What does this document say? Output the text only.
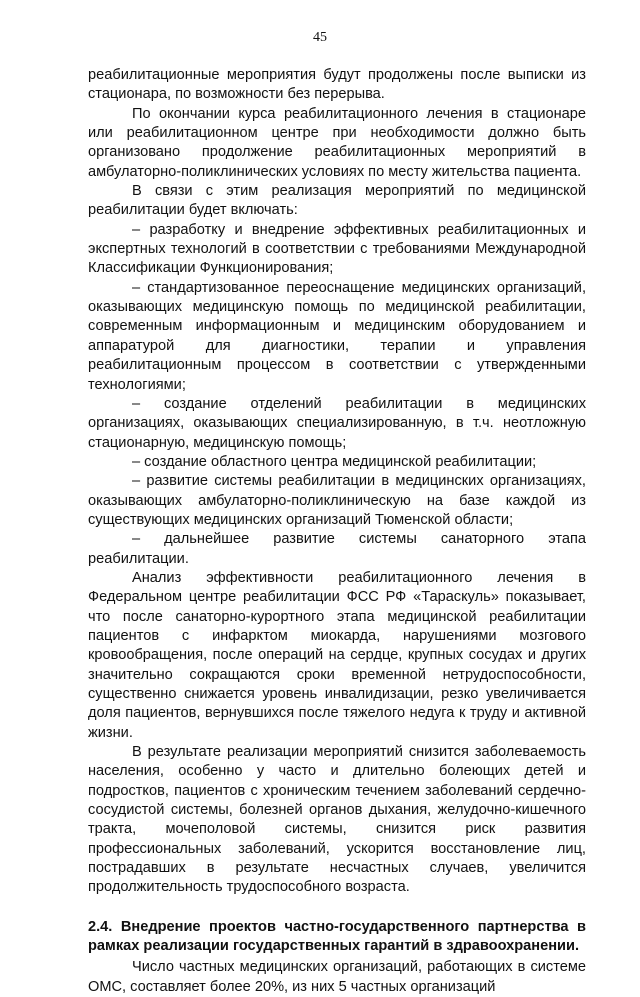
45

реабилитационные мероприятия будут продолжены после выписки из стационара, по возможности без перерыва.

По окончании курса реабилитационного лечения в стационаре или реабилитационном центре при необходимости должно быть организовано продолжение реабилитационных мероприятий в амбулаторно-поликлинических условиях по месту жительства пациента.

В связи с этим реализация мероприятий по медицинской реабилитации будет включать:

– разработку и внедрение эффективных реабилитационных и экспертных технологий в соответствии с требованиями Международной Классификации Функционирования;

– стандартизованное переоснащение медицинских организаций, оказывающих медицинскую помощь по медицинской реабилитации, современным информационным и медицинским оборудованием и аппаратурой для диагностики, терапии и управления реабилитационным процессом в соответствии с утвержденными технологиями;

– создание отделений реабилитации в медицинских организациях, оказывающих специализированную, в т.ч. неотложную стационарную, медицинскую помощь;

– создание областного центра медицинской реабилитации;

– развитие системы реабилитации в медицинских организациях, оказывающих амбулаторно-поликлиническую на базе каждой из существующих медицинских организаций Тюменской области;

– дальнейшее развитие системы санаторного этапа реабилитации.

Анализ эффективности реабилитационного лечения в Федеральном центре реабилитации ФСС РФ «Тараскуль» показывает, что после санаторно-курортного этапа медицинской реабилитации пациентов с инфарктом миокарда, нарушениями мозгового кровообращения, после операций на сердце, крупных сосудах и других значительно сокращаются сроки временной нетрудоспособности, существенно снижается уровень инвалидизации, резко увеличивается доля пациентов, вернувшихся после тяжелого недуга к труду и активной жизни.

В результате реализации мероприятий снизится заболеваемость населения, особенно у часто и длительно болеющих детей и подростков, пациентов с хроническим течением заболеваний сердечно-сосудистой системы, болезней органов дыхания, желудочно-кишечного тракта, мочеполовой системы, снизится риск развития профессиональных заболеваний, ускорится восстановление лиц, пострадавших в результате несчастных случаев, увеличится продолжительность трудоспособного возраста.

2.4. Внедрение проектов частно-государственного партнерства в рамках реализации государственных гарантий в здравоохранении.

Число частных медицинских организаций, работающих в системе ОМС, составляет более 20%, из них 5 частных организаций
